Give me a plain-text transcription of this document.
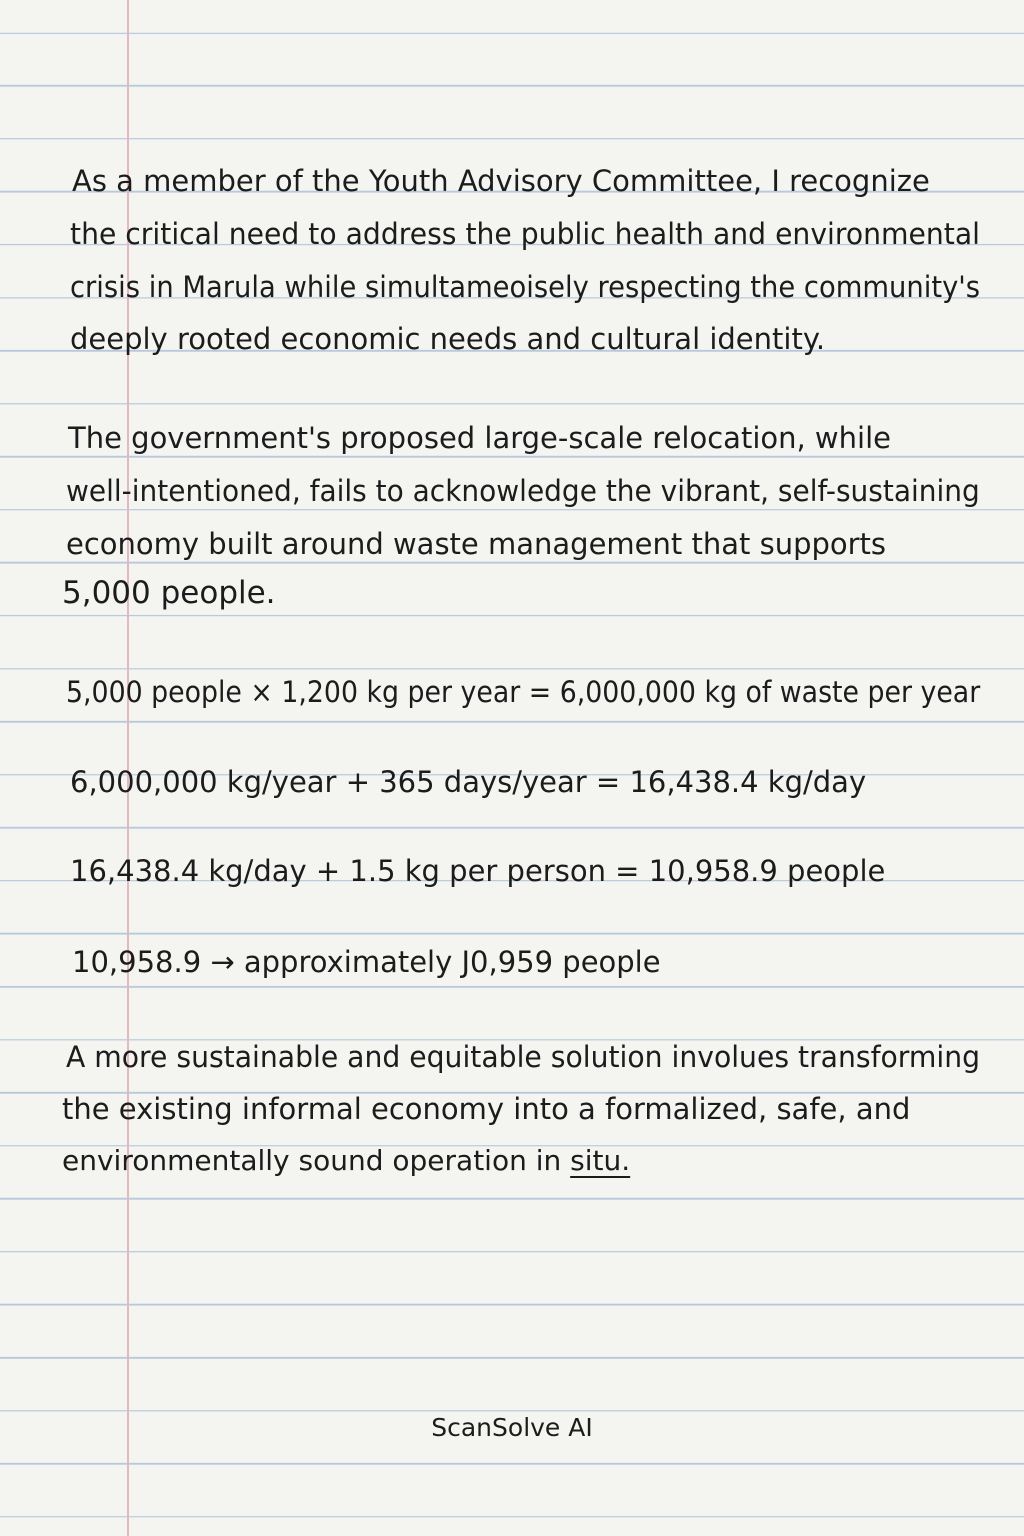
As a member of the Youth Advisory Committee, I recognize

the critical need to address the public health and environmental

crisis in Marula while simultameoisely respecting the community's

deeply rooted economic needs and cultural identity.

The government's proposed large-scale relocation, while

well-intentioned, fails to acknowledge the vibrant, self-sustaining

economy built around waste management that supports

5,000 people.

5,000 people × 1,200 kg per year = 6,000,000 kg of waste per year

6,000,000 kg/year + 365 days/year = 16,438.4 kg/day

16,438.4 kg/day + 1.5 kg per person = 10,958.9 people

10,958.9 → approximately J0,959 people

A more sustainable and equitable solution involues transforming

the existing informal economy into a formalized, safe, and

environmentally sound operation in situ.

ScanSolve AI
